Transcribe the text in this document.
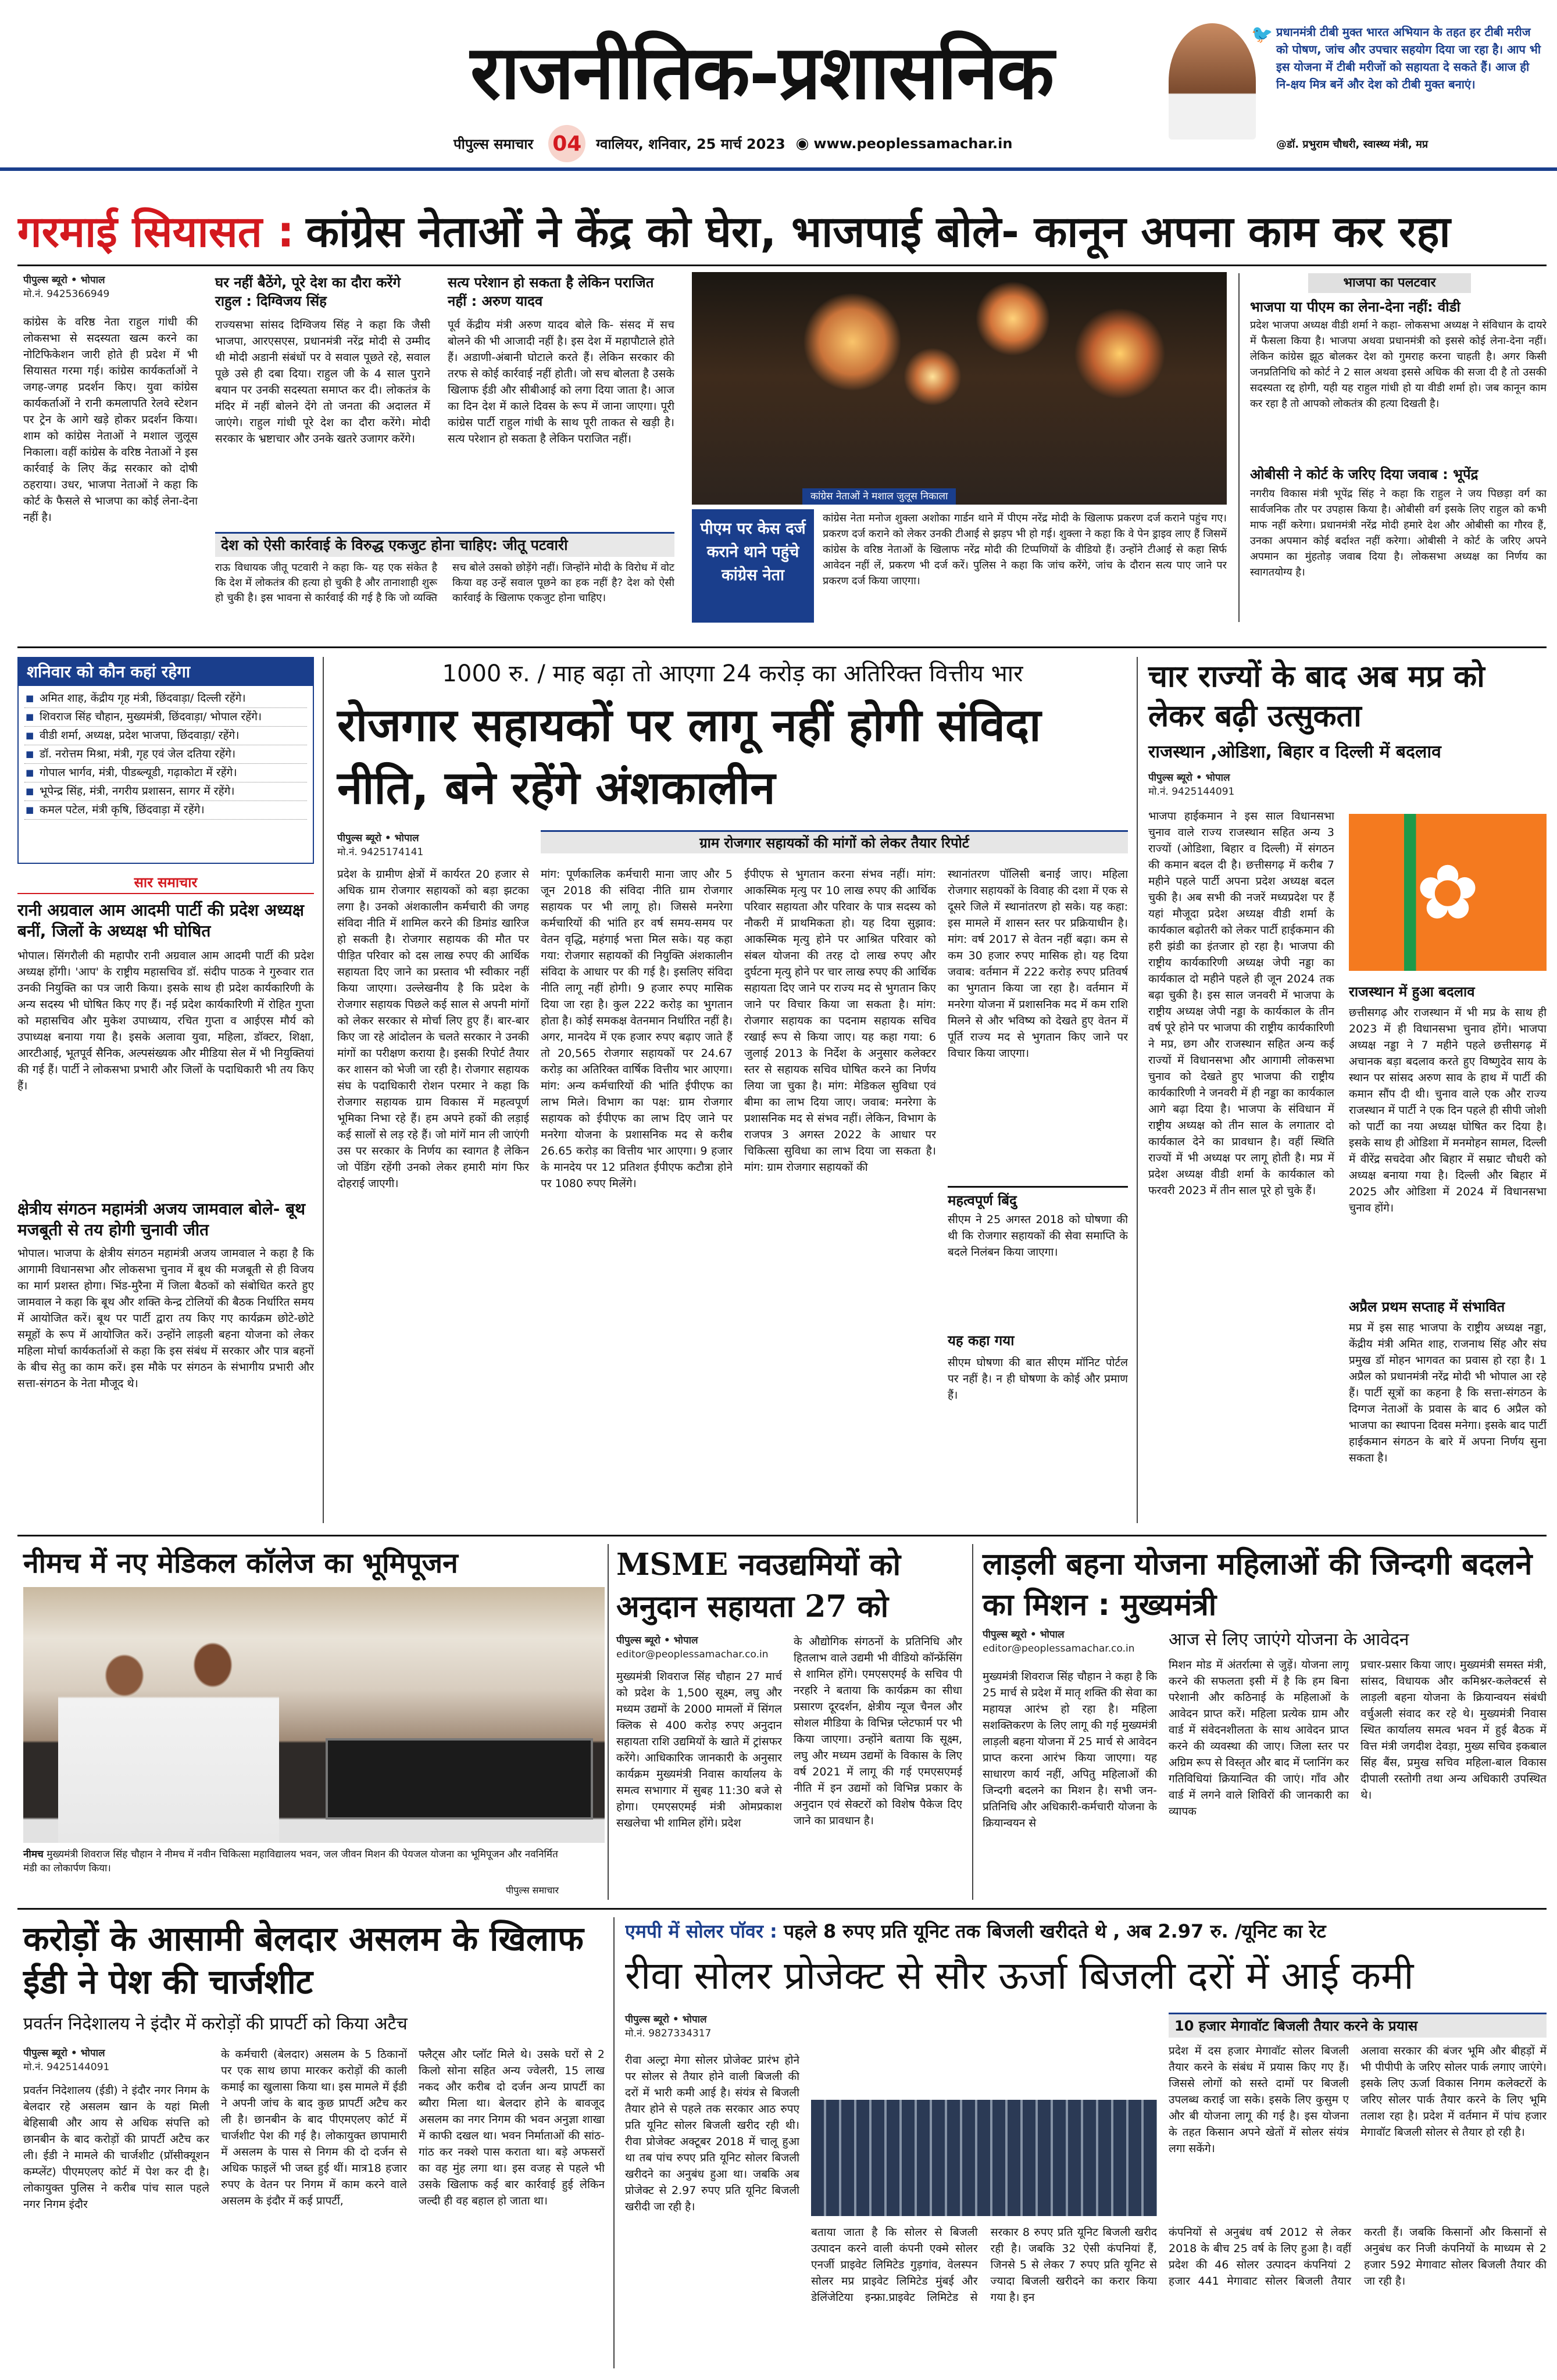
राजनीतिक-प्रशासनिक
पीपुल्स समाचार 04 ग्वालियर, शनिवार, 25 मार्च 2023 ◉ www.peoplessamachar.in
🐦 प्रधानमंत्री टीबी मुक्त भारत अभियान के तहत हर टीबी मरीज को पोषण, जांच और उपचार सहयोग दिया जा रहा है। आप भी इस योजना में टीबी मरीजों को सहायता दे सकते हैं। आज ही नि-क्षय मित्र बनें और देश को टीबी मुक्त बनाएं।
@डॉ. प्रभुराम चौधरी, स्वास्थ्य मंत्री, मप्र
गरमाई सियासत : कांग्रेस नेताओं ने केंद्र को घेरा, भाजपाई बोले- कानून अपना काम कर रहा
पीपुल्स ब्यूरो • भोपाल
मो.नं. 9425366949
कांग्रेस के वरिष्ठ नेता राहुल गांधी की लोकसभा से सदस्यता खत्म करने का नोटिफिकेशन जारी होते ही प्रदेश में भी सियासत गरमा गई। कांग्रेस कार्यकर्ताओं ने जगह-जगह प्रदर्शन किए। युवा कांग्रेस कार्यकर्ताओं ने रानी कमलापति रेलवे स्टेशन पर ट्रेन के आगे खड़े होकर प्रदर्शन किया। शाम को कांग्रेस नेताओं ने मशाल जुलूस निकाला। वहीं कांग्रेस के वरिष्ठ नेताओं ने इस कार्रवाई के लिए केंद्र सरकार को दोषी ठहराया। उधर, भाजपा नेताओं ने कहा कि कोर्ट के फैसले से भाजपा का कोई लेना-देना नहीं है।
घर नहीं बैठेंगे, पूरे देश का दौरा करेंगे राहुल : दिग्विजय सिंह
राज्यसभा सांसद दिग्विजय सिंह ने कहा कि जैसी भाजपा, आरएसएस, प्रधानमंत्री नरेंद्र मोदी से उम्मीद थी मोदी अडानी संबंधों पर वे सवाल पूछते रहे, सवाल पूछे उसे ही दबा दिया। राहुल जी के 4 साल पुराने बयान पर उनकी सदस्यता समाप्त कर दी। लोकतंत्र के मंदिर में नहीं बोलने देंगे तो जनता की अदालत में जाएंगे। राहुल गांधी पूरे देश का दौरा करेंगे। मोदी सरकार के भ्रष्टाचार और उनके खतरे उजागर करेंगे।
सत्य परेशान हो सकता है लेकिन पराजित नहीं : अरुण यादव
पूर्व केंद्रीय मंत्री अरुण यादव बोले कि- संसद में सच बोलने की भी आजादी नहीं है। इस देश में महापौटाले होते हैं। अडाणी-अंबानी घोटाले करते हैं। लेकिन सरकार की तरफ से कोई कार्रवाई नहीं होती। जो सच बोलता है उसके खिलाफ ईडी और सीबीआई को लगा दिया जाता है। आज का दिन देश में काले दिवस के रूप में जाना जाएगा। पूरी कांग्रेस पार्टी राहुल गांधी के साथ पूरी ताकत से खड़ी है। सत्य परेशान हो सकता है लेकिन पराजित नहीं।
देश को ऐसी कार्रवाई के विरुद्ध एकजुट होना चाहिए: जीतू पटवारी
राऊ विधायक जीतू पटवारी ने कहा कि- यह एक संकेत है कि देश में लोकतंत्र की हत्या हो चुकी है और तानाशाही शुरू हो चुकी है। इस भावना से कार्रवाई की गई है कि जो व्यक्ति सच बोले उसको छोड़ेंगे नहीं। जिन्होंने मोदी के विरोध में वोट किया वह उन्हें सवाल पूछने का हक नहीं है? देश को ऐसी कार्रवाई के खिलाफ एकजुट होना चाहिए।
कांग्रेस नेताओं ने मशाल जुलूस निकाला
पीएम पर केस दर्ज कराने थाने पहुंचे कांग्रेस नेता
कांग्रेस नेता मनोज शुक्ला अशोका गार्डन थाने में पीएम नरेंद्र मोदी के खिलाफ प्रकरण दर्ज कराने पहुंच गए। प्रकरण दर्ज कराने को लेकर उनकी टीआई से झड़प भी हो गई। शुक्ला ने कहा कि वे पेन ड्राइव लाए हैं जिसमें कांग्रेस के वरिष्ठ नेताओं के खिलाफ नरेंद्र मोदी की टिप्पणियों के वीडियो हैं। उन्होंने टीआई से कहा सिर्फ आवेदन नहीं लें, प्रकरण भी दर्ज करें। पुलिस ने कहा कि जांच करेंगे, जांच के दौरान सत्य पाए जाने पर प्रकरण दर्ज किया जाएगा।
भाजपा का पलटवार
भाजपा या पीएम का लेना-देना नहीं: वीडी
प्रदेश भाजपा अध्यक्ष वीडी शर्मा ने कहा- लोकसभा अध्यक्ष ने संविधान के दायरे में फैसला किया है। भाजपा अथवा प्रधानमंत्री को इससे कोई लेना-देना नहीं। लेकिन कांग्रेस झूठ बोलकर देश को गुमराह करना चाहती है। अगर किसी जनप्रतिनिधि को कोर्ट ने 2 साल अथवा इससे अधिक की सजा दी है तो उसकी सदस्यता रद्द होगी, यही यह राहुल गांधी हो या वीडी शर्मा हो। जब कानून काम कर रहा है तो आपको लोकतंत्र की हत्या दिखती है।
ओबीसी ने कोर्ट के जरिए दिया जवाब : भूपेंद्र
नगरीय विकास मंत्री भूपेंद्र सिंह ने कहा कि राहुल ने जय पिछड़ा वर्ग का सार्वजनिक तौर पर उपहास किया है। ओबीसी वर्ग इसके लिए राहुल को कभी माफ नहीं करेगा। प्रधानमंत्री नरेंद्र मोदी हमारे देश और ओबीसी का गौरव हैं, उनका अपमान कोई बर्दाश्त नहीं करेगा। ओबीसी ने कोर्ट के जरिए अपने अपमान का मुंहतोड़ जवाब दिया है। लोकसभा अध्यक्ष का निर्णय का स्वागतयोग्य है।
शनिवार को कौन कहां रहेगा
■ अमित शाह, केंद्रीय गृह मंत्री, छिंदवाड़ा/ दिल्ली रहेंगे।
■ शिवराज सिंह चौहान, मुख्यमंत्री, छिंदवाड़ा/ भोपाल रहेंगे।
■ वीडी शर्मा, अध्यक्ष, प्रदेश भाजपा, छिंदवाड़ा/ रहेंगे।
■ डॉ. नरोत्तम मिश्रा, मंत्री, गृह एवं जेल दतिया रहेंगे।
■ गोपाल भार्गव, मंत्री, पीडब्ल्यूडी, गढ़ाकोटा में रहेंगे।
■ भूपेन्द्र सिंह, मंत्री, नगरीय प्रशासन, सागर में रहेंगे।
■ कमल पटेल, मंत्री कृषि, छिंदवाड़ा में रहेंगे।
सार समाचार
रानी अग्रवाल आम आदमी पार्टी की प्रदेश अध्यक्ष बनीं, जिलों के अध्यक्ष भी घोषित
भोपाल। सिंगरौली की महापौर रानी अग्रवाल आम आदमी पार्टी की प्रदेश अध्यक्ष होंगी। 'आप' के राष्ट्रीय महासचिव डॉ. संदीप पाठक ने गुरुवार रात उनकी नियुक्ति का पत्र जारी किया। इसके साथ ही प्रदेश कार्यकारिणी के अन्य सदस्य भी घोषित किए गए हैं। नई प्रदेश कार्यकारिणी में रोहित गुप्ता को महासचिव और मुकेश उपाध्याय, रचित गुप्ता व आईएस मौर्य को उपाध्यक्ष बनाया गया है। इसके अलावा युवा, महिला, डॉक्टर, शिक्षा, आरटीआई, भूतपूर्व सैनिक, अल्पसंख्यक और मीडिया सेल में भी नियुक्तियां की गई हैं। पार्टी ने लोकसभा प्रभारी और जिलों के पदाधिकारी भी तय किए हैं।
क्षेत्रीय संगठन महामंत्री अजय जामवाल बोले- बूथ मजबूती से तय होगी चुनावी जीत
भोपाल। भाजपा के क्षेत्रीय संगठन महामंत्री अजय जामवाल ने कहा है कि आगामी विधानसभा और लोकसभा चुनाव में बूथ की मजबूती से ही विजय का मार्ग प्रशस्त होगा। भिंड-मुरैना में जिला बैठकों को संबोधित करते हुए जामवाल ने कहा कि बूथ और शक्ति केन्द्र टोलियों की बैठक निर्धारित समय में आयोजित करें। बूथ पर पार्टी द्वारा तय किए गए कार्यक्रम छोटे-छोटे समूहों के रूप में आयोजित करें। उन्होंने लाड़ली बहना योजना को लेकर महिला मोर्चा कार्यकर्ताओं से कहा कि इस संबंध में सरकार और पात्र बहनों के बीच सेतु का काम करें। इस मौके पर संगठन के संभागीय प्रभारी और सत्ता-संगठन के नेता मौजूद थे।
1000 रु. / माह बढ़ा तो आएगा 24 करोड़ का अतिरिक्त वित्तीय भार
रोजगार सहायकों पर लागू नहीं होगी संविदा नीति, बने रहेंगे अंशकालीन
पीपुल्स ब्यूरो • भोपाल
मो.नं. 9425174141
ग्राम रोजगार सहायकों की मांगों को लेकर तैयार रिपोर्ट
प्रदेश के ग्रामीण क्षेत्रों में कार्यरत 20 हजार से अधिक ग्राम रोजगार सहायकों को बड़ा झटका लगा है। उनको अंशकालीन कर्मचारी की जगह संविदा नीति में शामिल करने की डिमांड खारिज हो सकती है। रोजगार सहायक की मौत पर पीड़ित परिवार को दस लाख रुपए की आर्थिक सहायता दिए जाने का प्रस्ताव भी स्वीकार नहीं किया जाएगा। उल्लेखनीय है कि प्रदेश के रोजगार सहायक पिछले कई साल से अपनी मांगों को लेकर सरकार से मोर्चा लिए हुए हैं। बार-बार किए जा रहे आंदोलन के चलते सरकार ने उनकी मांगों का परीक्षण कराया है। इसकी रिपोर्ट तैयार कर शासन को भेजी जा रही है। रोजगार सहायक संघ के पदाधिकारी रोशन परमार ने कहा कि रोजगार सहायक ग्राम विकास में महत्वपूर्ण भूमिका निभा रहे हैं। हम अपने हकों की लड़ाई कई सालों से लड़ रहे हैं। जो मांगें मान ली जाएंगी उस पर सरकार के निर्णय का स्वागत है लेकिन जो पेंडिंग रहेंगी उनको लेकर हमारी मांग फिर दोहराई जाएगी।
मांग: पूर्णकालिक कर्मचारी माना जाए और 5 जून 2018 की संविदा नीति ग्राम रोजगार सहायक पर भी लागू हो। जिससे मनरेगा कर्मचारियों की भांति हर वर्ष समय-समय पर वेतन वृद्धि, महंगाई भत्ता मिल सके। यह कहा गया: रोजगार सहायकों की नियुक्ति अंशकालीन संविदा के आधार पर की गई है। इसलिए संविदा नीति लागू नहीं होगी। 9 हजार रुपए मासिक दिया जा रहा है। कुल 222 करोड़ का भुगतान होता है। कोई समकक्ष वेतनमान निर्धारित नहीं है। अगर, मानदेय में एक हजार रुपए बढ़ाए जाते हैं तो 20,565 रोजगार सहायकों पर 24.67 करोड़ का अतिरिक्त वार्षिक वित्तीय भार आएगा। मांग: अन्य कर्मचारियों की भांति ईपीएफ का लाभ मिले। विभाग का पक्ष: ग्राम रोजगार सहायक को ईपीएफ का लाभ दिए जाने पर मनरेगा योजना के प्रशासनिक मद से करीब 26.65 करोड़ का वित्तीय भार आएगा। 9 हजार के मानदेय पर 12 प्रतिशत ईपीएफ कटौत्रा होने पर 1080 रुपए मिलेंगे।
ईपीएफ से भुगतान करना संभव नहीं। मांग: आकस्मिक मृत्यु पर 10 लाख रुपए की आर्थिक परिवार सहायता और परिवार के पात्र सदस्य को नौकरी में प्राथमिकता हो। यह दिया सुझाव: आकस्मिक मृत्यु होने पर आश्रित परिवार को संबल योजना की तरह दो लाख रुपए और दुर्घटना मृत्यु होने पर चार लाख रुपए की आर्थिक सहायता दिए जाने पर राज्य मद से भुगतान किए जाने पर विचार किया जा सकता है। मांग: रोजगार सहायक का पदनाम सहायक सचिव रखाई रूप से किया जाए। यह कहा गया: 6 जुलाई 2013 के निर्देश के अनुसार कलेक्टर स्तर से सहायक सचिव घोषित करने का निर्णय लिया जा चुका है। मांग: मेडिकल सुविधा एवं बीमा का लाभ दिया जाए। जवाब: मनरेगा के प्रशासनिक मद से संभव नहीं। लेकिन, विभाग के राजपत्र 3 अगस्त 2022 के आधार पर चिकित्सा सुविधा का लाभ दिया जा सकता है। मांग: ग्राम रोजगार सहायकों की
स्थानांतरण पॉलिसी बनाई जाए। महिला रोजगार सहायकों के विवाह की दशा में एक से दूसरे जिले में स्थानांतरण हो सके। यह कहा: इस मामले में शासन स्तर पर प्रक्रियाधीन है। मांग: वर्ष 2017 से वेतन नहीं बढ़ा। कम से कम 30 हजार रुपए मासिक हो। यह दिया जवाब: वर्तमान में 222 करोड़ रुपए प्रतिवर्ष का भुगतान किया जा रहा है। वर्तमान में मनरेगा योजना में प्रशासनिक मद में कम राशि मिलने से और भविष्य को देखते हुए वेतन में पूर्ति राज्य मद से भुगतान किए जाने पर विचार किया जाएगा।
महत्वपूर्ण बिंदु
सीएम ने 25 अगस्त 2018 को घोषणा की थी कि रोजगार सहायकों की सेवा समाप्ति के बदले निलंबन किया जाएगा।
यह कहा गया
सीएम घोषणा की बात सीएम मॉनिट पोर्टल पर नहीं है। न ही घोषणा के कोई और प्रमाण हैं।
चार राज्यों के बाद अब मप्र को लेकर बढ़ी उत्सुकता
राजस्थान ,ओडिशा, बिहार व दिल्ली में बदलाव
पीपुल्स ब्यूरो • भोपाल
मो.नं. 9425144091
भाजपा हाईकमान ने इस साल विधानसभा चुनाव वाले राज्य राजस्थान सहित अन्य 3 राज्यों (ओडिशा, बिहार व दिल्ली) में संगठन की कमान बदल दी है। छत्तीसगढ़ में करीब 7 महीने पहले पार्टी अपना प्रदेश अध्यक्ष बदल चुकी है। अब सभी की नजरें मध्यप्रदेश पर हैं यहां मौजूदा प्रदेश अध्यक्ष वीडी शर्मा के कार्यकाल बढ़ोतरी को लेकर पार्टी हाईकमान की हरी झंडी का इंतजार हो रहा है। भाजपा की राष्ट्रीय कार्यकारिणी अध्यक्ष जेपी नड्डा का कार्यकाल दो महीने पहले ही जून 2024 तक बढ़ा चुकी है। इस साल जनवरी में भाजपा के राष्ट्रीय अध्यक्ष जेपी नड्डा के कार्यकाल के तीन वर्ष पूरे होने पर भाजपा की राष्ट्रीय कार्यकारिणी ने मप्र, छग और राजस्थान सहित अन्य कई राज्यों में विधानसभा और आगामी लोकसभा चुनाव को देखते हुए भाजपा की राष्ट्रीय कार्यकारिणी ने जनवरी में ही नड्डा का कार्यकाल आगे बढ़ा दिया है। भाजपा के संविधान में राष्ट्रीय अध्यक्ष को तीन साल के लगातार दो कार्यकाल देने का प्रावधान है। वहीं स्थिति राज्यों में भी अध्यक्ष पर लागू होती है। मप्र में प्रदेश अध्यक्ष वीडी शर्मा के कार्यकाल को फरवरी 2023 में तीन साल पूरे हो चुके हैं।
✿
राजस्थान में हुआ बदलाव
छत्तीसगढ़ और राजस्थान में भी मप्र के साथ ही 2023 में ही विधानसभा चुनाव होंगे। भाजपा अध्यक्ष नड्डा ने 7 महीने पहले छत्तीसगढ़ में अचानक बड़ा बदलाव करते हुए विष्णुदेव साय के स्थान पर सांसद अरुण साव के हाथ में पार्टी की कमान सौंप दी थी। चुनाव वाले एक और राज्य राजस्थान में पार्टी ने एक दिन पहले ही सीपी जोशी को पार्टी का नया अध्यक्ष घोषित कर दिया है। इसके साथ ही ओडिशा में मनमोहन सामल, दिल्ली में वीरेंद्र सचदेवा और बिहार में सम्राट चौधरी को अध्यक्ष बनाया गया है। दिल्ली और बिहार में 2025 और ओडिशा में 2024 में विधानसभा चुनाव होंगे।
अप्रैल प्रथम सप्ताह में संभावित
मप्र में इस साह भाजपा के राष्ट्रीय अध्यक्ष नड्डा, केंद्रीय मंत्री अमित शाह, राजनाथ सिंह और संघ प्रमुख डॉ मोहन भागवत का प्रवास हो रहा है। 1 अप्रैल को प्रधानमंत्री नरेंद्र मोदी भी भोपाल आ रहे हैं। पार्टी सूत्रों का कहना है कि सत्ता-संगठन के दिग्गज नेताओं के प्रवास के बाद 6 अप्रैल को भाजपा का स्थापना दिवस मनेगा। इसके बाद पार्टी हाईकमान संगठन के बारे में अपना निर्णय सुना सकता है।
नीमच में नए मेडिकल कॉलेज का भूमिपूजन
नीमच मुख्यमंत्री शिवराज सिंह चौहान ने नीमच में नवीन चिकित्सा महाविद्यालय भवन, जल जीवन मिशन की पेयजल योजना का भूमिपूजन और नवनिर्मित मंडी का लोकार्पण किया।
पीपुल्स समाचार
MSME नवउद्यमियों को अनुदान सहायता 27 को
पीपुल्स ब्यूरो • भोपाल
editor@peoplessamachar.co.in
मुख्यमंत्री शिवराज सिंह चौहान 27 मार्च को प्रदेश के 1,500 सूक्ष्म, लघु और मध्यम उद्यमों के 2000 मामलों में सिंगल क्लिक से 400 करोड़ रुपए अनुदान सहायता राशि उद्यमियों के खाते में ट्रांसफर करेंगे। आधिकारिक जानकारी के अनुसार कार्यक्रम मुख्यमंत्री निवास कार्यालय के समत्व सभागार में सुबह 11:30 बजे से होगा। एमएसएमई मंत्री ओमप्रकाश सखलेचा भी शामिल होंगे। प्रदेश
के औद्योगिक संगठनों के प्रतिनिधि और हितलाभ वाले उद्यमी भी वीडियो कॉन्फ्रेंसिंग से शामिल होंगे। एमएसएमई के सचिव पी नरहरि ने बताया कि कार्यक्रम का सीधा प्रसारण दूरदर्शन, क्षेत्रीय न्यूज चैनल और सोशल मीडिया के विभिन्न प्लेटफार्म पर भी किया जाएगा। उन्होंने बताया कि सूक्ष्म, लघु और मध्यम उद्यमों के विकास के लिए वर्ष 2021 में लागू की गई एमएसएमई नीति में इन उद्यमों को विभिन्न प्रकार के अनुदान एवं सेक्टरों को विशेष पैकेज दिए जाने का प्रावधान है।
लाड़ली बहना योजना महिलाओं की जिन्दगी बदलने का मिशन : मुख्यमंत्री
आज से लिए जाएंगे योजना के आवेदन
पीपुल्स ब्यूरो • भोपाल
editor@peoplessamachar.co.in
मुख्यमंत्री शिवराज सिंह चौहान ने कहा है कि 25 मार्च से प्रदेश में मातृ शक्ति की सेवा का महायज्ञ आरंभ हो रहा है। महिला सशक्तिकरण के लिए लागू की गई मुख्यमंत्री लाड़ली बहना योजना में 25 मार्च से आवेदन प्राप्त करना आरंभ किया जाएगा। यह साधारण कार्य नहीं, अपितु महिलाओं की जिन्दगी बदलने का मिशन है। सभी जन-प्रतिनिधि और अधिकारी-कर्मचारी योजना के क्रियान्वयन से
मिशन मोड में अंतर्रात्मा से जुड़ें। योजना लागू करने की सफलता इसी में है कि हम बिना परेशानी और कठिनाई के महिलाओं के आवेदन प्राप्त करें। महिला प्रत्येक ग्राम और वार्ड में संवेदनशीलता के साथ आवेदन प्राप्त करने की व्यवस्था की जाए। जिला स्तर पर अग्रिम रूप से विस्तृत और बाद में प्लानिंग कर गतिविधियां क्रियान्वित की जाएं। गाँव और वार्ड में लगने वाले शिविरों की जानकारी का व्यापक
प्रचार-प्रसार किया जाए। मुख्यमंत्री समस्त मंत्री, सांसद, विधायक और कमिश्नर-कलेक्टर्स से लाड़ली बहना योजना के क्रियान्वयन संबंधी वर्चुअली संवाद कर रहे थे। मुख्यमंत्री निवास स्थित कार्यालय समत्व भवन में हुई बैठक में वित्त मंत्री जगदीश देवड़ा, मुख्य सचिव इकबाल सिंह बैंस, प्रमुख सचिव महिला-बाल विकास दीपाली रस्तोगी तथा अन्य अधिकारी उपस्थित थे।
करोड़ों के आसामी बेलदार असलम के खिलाफ ईडी ने पेश की चार्जशीट
प्रवर्तन निदेशालय ने इंदौर में करोड़ों की प्रापर्टी को किया अटैच
पीपुल्स ब्यूरो • भोपाल
मो.नं. 9425144091
प्रवर्तन निदेशालय (ईडी) ने इंदौर नगर निगम के बेलदार रहे असलम खान के यहां मिली बेहिसाबी और आय से अधिक संपत्ति को छानबीन के बाद करोड़ों की प्रापर्टी अटैच कर ली। ईडी ने मामले की चार्जशीट (प्रॉसीक्यूशन कम्प्लेंट) पीएमएलए कोर्ट में पेश कर दी है। लोकायुक्त पुलिस ने करीब पांच साल पहले नगर निगम इंदौर
के कर्मचारी (बेलदार) असलम के 5 ठिकानों पर एक साथ छापा मारकर करोड़ों की काली कमाई का खुलासा किया था। इस मामले में ईडी ने अपनी जांच के बाद कुछ प्रापर्टी अटैच कर ली है। छानबीन के बाद पीएमएलए कोर्ट में चार्जशीट पेश की गई है। लोकायुक्त छापामारी में असलम के पास से निगम की दो दर्जन से अधिक फाइलें भी जब्त हुई थीं। मात्र18 हजार रुपए के वेतन पर निगम में काम करने वाले असलम के इंदौर में कई प्रापर्टी,
फ्लैट्स और प्लॉट मिले थे। उसके घरों से 2 किलो सोना सहित अन्य ज्वेलरी, 15 लाख नकद और करीब दो दर्जन अन्य प्रापर्टी का ब्यौरा मिला था। बेलदार होने के बावजूद असलम का नगर निगम की भवन अनुज्ञा शाखा में काफी दखल था। भवन निर्माताओं की सांठ-गांठ कर नक्शे पास कराता था। बड़े अफसरों का वह मुंह लगा था। इस वजह से पहले भी उसके खिलाफ कई बार कार्रवाई हुई लेकिन जल्दी ही वह बहाल हो जाता था।
एमपी में सोलर पॉवर : पहले 8 रुपए प्रति यूनिट तक बिजली खरीदते थे , अब 2.97 रु. /यूनिट का रेट
रीवा सोलर प्रोजेक्ट से सौर ऊर्जा बिजली दरों में आई कमी
पीपुल्स ब्यूरो • भोपाल
मो.नं. 9827334317
रीवा अल्ट्रा मेगा सोलर प्रोजेक्ट प्रारंभ होने पर सोलर से तैयार होने वाली बिजली की दरों में भारी कमी आई है। संयंत्र से बिजली तैयार होने से पहले तक सरकार आठ रुपए प्रति यूनिट सोलर बिजली खरीद रही थी। रीवा प्रोजेक्ट अक्टूबर 2018 में चालू हुआ था तब पांच रुपए प्रति यूनिट सोलर बिजली खरीदने का अनुबंध हुआ था। जबकि अब प्रोजेक्ट से 2.97 रुपए प्रति यूनिट बिजली खरीदी जा रही है।
बताया जाता है कि सोलर से बिजली उत्पादन करने वाली कंपनी एक्मे सोलर एनर्जी प्राइवेट लिमिटेड गुड़गांव, वेलस्पन सोलर मप्र प्राइवेट लिमिटेड मुंबई और डेलिंजेटिया इन्फ्रा.प्राइवेट लिमिटेड से सरकार 8 रुपए प्रति यूनिट बिजली खरीद रही है। जबकि 32 ऐसी कंपनियां हैं, जिनसे 5 से लेकर 7 रुपए प्रति यूनिट से ज्यादा बिजली खरीदने का करार किया गया है। इन
10 हजार मेगावॉट बिजली तैयार करने के प्रयास
प्रदेश में दस हजार मेगावॉट सोलर बिजली तैयार करने के संबंध में प्रयास किए गए हैं। जिससे लोगों को सस्ते दामों पर बिजली उपलब्ध कराई जा सके। इसके लिए कुसुम ए और बी योजना लागू की गई है। इस योजना के तहत किसान अपने खेतों में सोलर संयंत्र लगा सकेंगे।
अलावा सरकार की बंजर भूमि और बीहड़ों में भी पीपीपी के जरिए सोलर पार्क लगाए जाएंगे। इसके लिए ऊर्जा विकास निगम कलेक्टरों के जरिए सोलर पार्क तैयार करने के लिए भूमि तलाश रहा है। प्रदेश में वर्तमान में पांच हजार मेगावॉट बिजली सोलर से तैयार हो रही है।
कंपनियों से अनुबंध वर्ष 2012 से लेकर 2018 के बीच 25 वर्ष के लिए हुआ है। वहीं प्रदेश की 46 सोलर उत्पादन कंपनियां 2 हजार 441 मेगावाट सोलर बिजली तैयार करती हैं। जबकि किसानों और किसानों से अनुबंध कर निजी कंपनियों के माध्यम से 2 हजार 592 मेगावाट सोलर बिजली तैयार की जा रही है।
